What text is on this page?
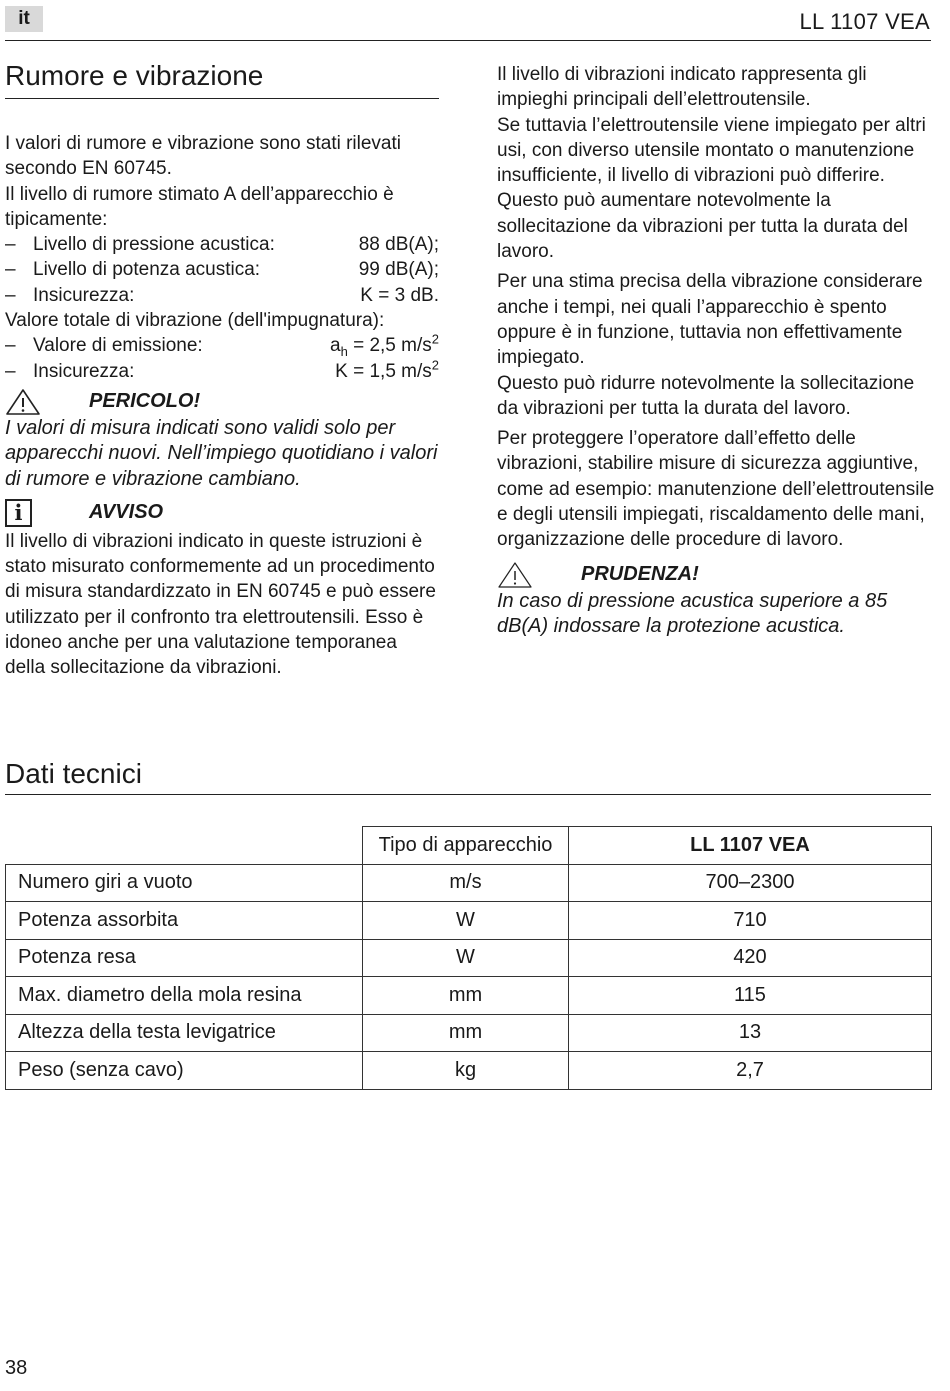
it	LL 1107 VEA
Rumore e vibrazione

I valori di rumore e vibrazione sono stati rilevati secondo EN 60745.

Il livello di rumore stimato A dell’apparecchio è tipicamente:

– Livello di pressione acustica:	88 dB(A);
– Livello di potenza acustica:	99 dB(A);
– Insicurezza:	K = 3 dB.

Valore totale di vibrazione (dell'impugnatura):

– Valore di emissione:	$a_h = 2,5$ $m/s^2$
– Insicurezza:	K = 1,5 $m/s^2$
PERICOLO!

I valori di misura indicati sono validi solo per apparecchi nuovi. Nell’impiego quotidiano i valori di rumore e vibrazione cambiano.

i	AVVISO

Il livello di vibrazioni indicato in queste istruzioni è stato misurato conformemente ad un procedimento di misura standardizzato in EN 60745 e può essere utilizzato per il confronto tra elettroutensili. Esso è idoneo anche per una valutazione temporanea della sollecitazione da vibrazioni.

Il livello di vibrazioni indicato rappresenta gli impieghi principali dell’elettroutensile.

Se tuttavia l’elettroutensile viene impiegato per altri usi, con diverso utensile montato o manutenzione insufficiente, il livello di vibrazioni può differire. Questo può aumentare notevolmente la sollecitazione da vibrazioni per tutta la durata del lavoro.

Per una stima precisa della vibrazione considerare anche i tempi, nei quali l’apparecchio è spento oppure è in funzione, tuttavia non effettivamente impiegato.

Questo può ridurre notevolmente la sollecitazione da vibrazioni per tutta la durata del lavoro.

Per proteggere l’operatore dall’effetto delle vibrazioni, stabilire misure di sicurezza aggiuntive, come ad esempio: manutenzione dell’elettroutensile e degli utensili impiegati, riscaldamento delle mani, organizzazione delle procedure di lavoro.

PRUDENZA!

In caso di pressione acustica superiore a 85 dB(A) indossare la protezione acustica.

Dati tecnici
	Tipo di apparecchio	LL 1107 VEA
Numero giri a vuoto	m/s	700–2300
Potenza assorbita	W	710
Potenza resa	W	420
Max. diametro della mola resina	mm	115
Altezza della testa levigatrice	mm	13
Peso (senza cavo)	kg	2,7
38
